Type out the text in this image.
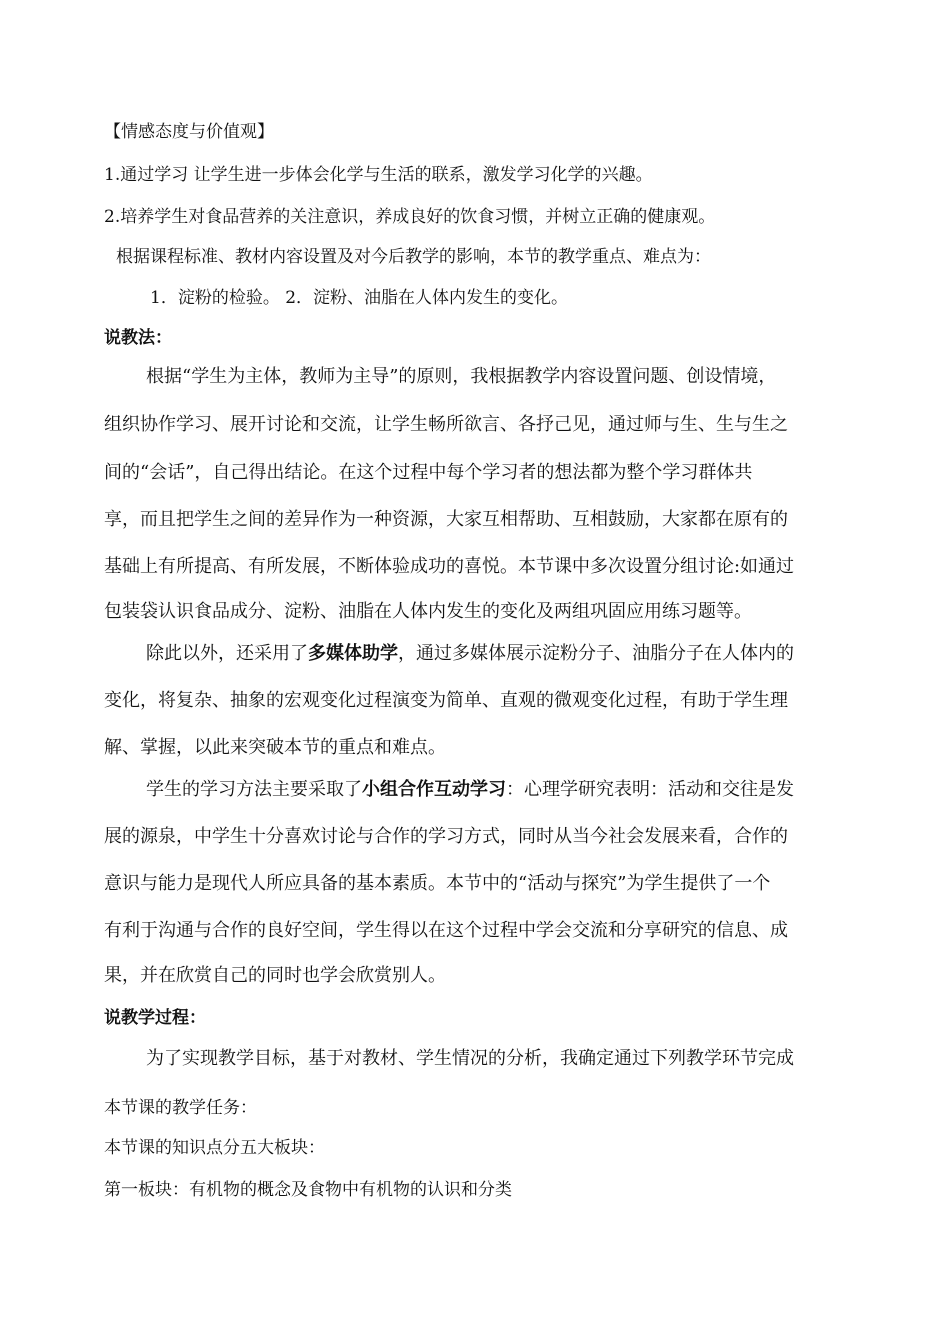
【情感态度与价值观】
1.通过学习 让学生进一步体会化学与生活的联系，激发学习化学的兴趣。
2.培养学生对食品营养的关注意识，养成良好的饮食习惯，并树立正确的健康观。
根据课程标准、教材内容设置及对今后教学的影响，本节的教学重点、难点为：
1．淀粉的检验。 2．淀粉、油脂在人体内发生的变化。
说教法：
根据“学生为主体，教师为主导”的原则，我根据教学内容设置问题、创设情境，
组织协作学习、展开讨论和交流，让学生畅所欲言、各抒己见，通过师与生、生与生之
间的“会话”，自己得出结论。在这个过程中每个学习者的想法都为整个学习群体共
享，而且把学生之间的差异作为一种资源，大家互相帮助、互相鼓励，大家都在原有的
基础上有所提高、有所发展，不断体验成功的喜悦。本节课中多次设置分组讨论:如通过
包装袋认识食品成分、淀粉、油脂在人体内发生的变化及两组巩固应用练习题等。
除此以外，还采用了多媒体助学，通过多媒体展示淀粉分子、油脂分子在人体内的
变化，将复杂、抽象的宏观变化过程演变为简单、直观的微观变化过程，有助于学生理
解、掌握，以此来突破本节的重点和难点。
学生的学习方法主要采取了小组合作互动学习：心理学研究表明：活动和交往是发
展的源泉，中学生十分喜欢讨论与合作的学习方式，同时从当今社会发展来看，合作的
意识与能力是现代人所应具备的基本素质。本节中的“活动与探究”为学生提供了一个
有利于沟通与合作的良好空间，学生得以在这个过程中学会交流和分享研究的信息、成
果，并在欣赏自己的同时也学会欣赏别人。
说教学过程：
为了实现教学目标，基于对教材、学生情况的分析，我确定通过下列教学环节完成
本节课的教学任务：
本节课的知识点分五大板块：
第一板块：有机物的概念及食物中有机物的认识和分类
